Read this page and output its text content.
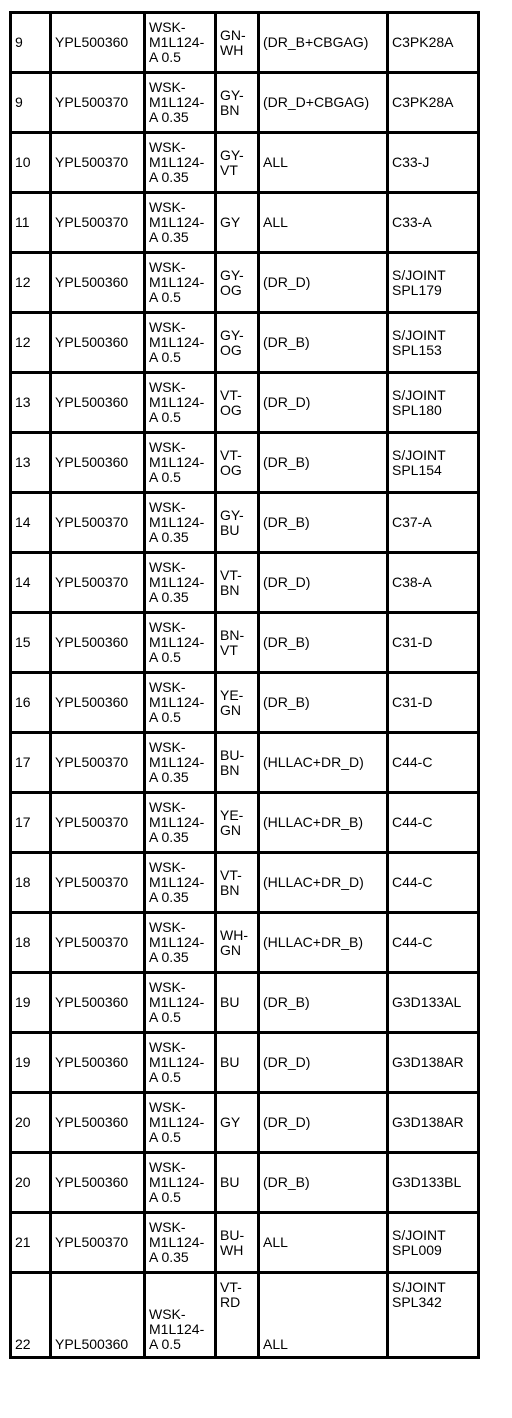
9	YPL500360	WSK-
M1L124-
A 0.5	GN-
WH	(DR_B+CBGAG)	C3PK28A
9	YPL500370	WSK-
M1L124-
A 0.35	GY-
BN	(DR_D+CBGAG)	C3PK28A
10	YPL500370	WSK-
M1L124-
A 0.35	GY-
VT	ALL	C33-J
11	YPL500370	WSK-
M1L124-
A 0.35	GY	ALL	C33-A
12	YPL500360	WSK-
M1L124-
A 0.5	GY-
OG	(DR_D)	S/JOINT
SPL179
12	YPL500360	WSK-
M1L124-
A 0.5	GY-
OG	(DR_B)	S/JOINT
SPL153
13	YPL500360	WSK-
M1L124-
A 0.5	VT-
OG	(DR_D)	S/JOINT
SPL180
13	YPL500360	WSK-
M1L124-
A 0.5	VT-
OG	(DR_B)	S/JOINT
SPL154
14	YPL500370	WSK-
M1L124-
A 0.35	GY-
BU	(DR_B)	C37-A
14	YPL500370	WSK-
M1L124-
A 0.35	VT-
BN	(DR_D)	C38-A
15	YPL500360	WSK-
M1L124-
A 0.5	BN-
VT	(DR_B)	C31-D
16	YPL500360	WSK-
M1L124-
A 0.5	YE-
GN	(DR_B)	C31-D
17	YPL500370	WSK-
M1L124-
A 0.35	BU-
BN	(HLLAC+DR_D)	C44-C
17	YPL500370	WSK-
M1L124-
A 0.35	YE-
GN	(HLLAC+DR_B)	C44-C
18	YPL500370	WSK-
M1L124-
A 0.35	VT-
BN	(HLLAC+DR_D)	C44-C
18	YPL500370	WSK-
M1L124-
A 0.35	WH-
GN	(HLLAC+DR_B)	C44-C
19	YPL500360	WSK-
M1L124-
A 0.5	BU	(DR_B)	G3D133AL
19	YPL500360	WSK-
M1L124-
A 0.5	BU	(DR_D)	G3D138AR
20	YPL500360	WSK-
M1L124-
A 0.5	GY	(DR_D)	G3D138AR
20	YPL500360	WSK-
M1L124-
A 0.5	BU	(DR_B)	G3D133BL
21	YPL500370	WSK-
M1L124-
A 0.35	BU-
WH	ALL	S/JOINT
SPL009
22	YPL500360	WSK-
M1L124-
A 0.5	VT-
RD	ALL	S/JOINT
SPL342
